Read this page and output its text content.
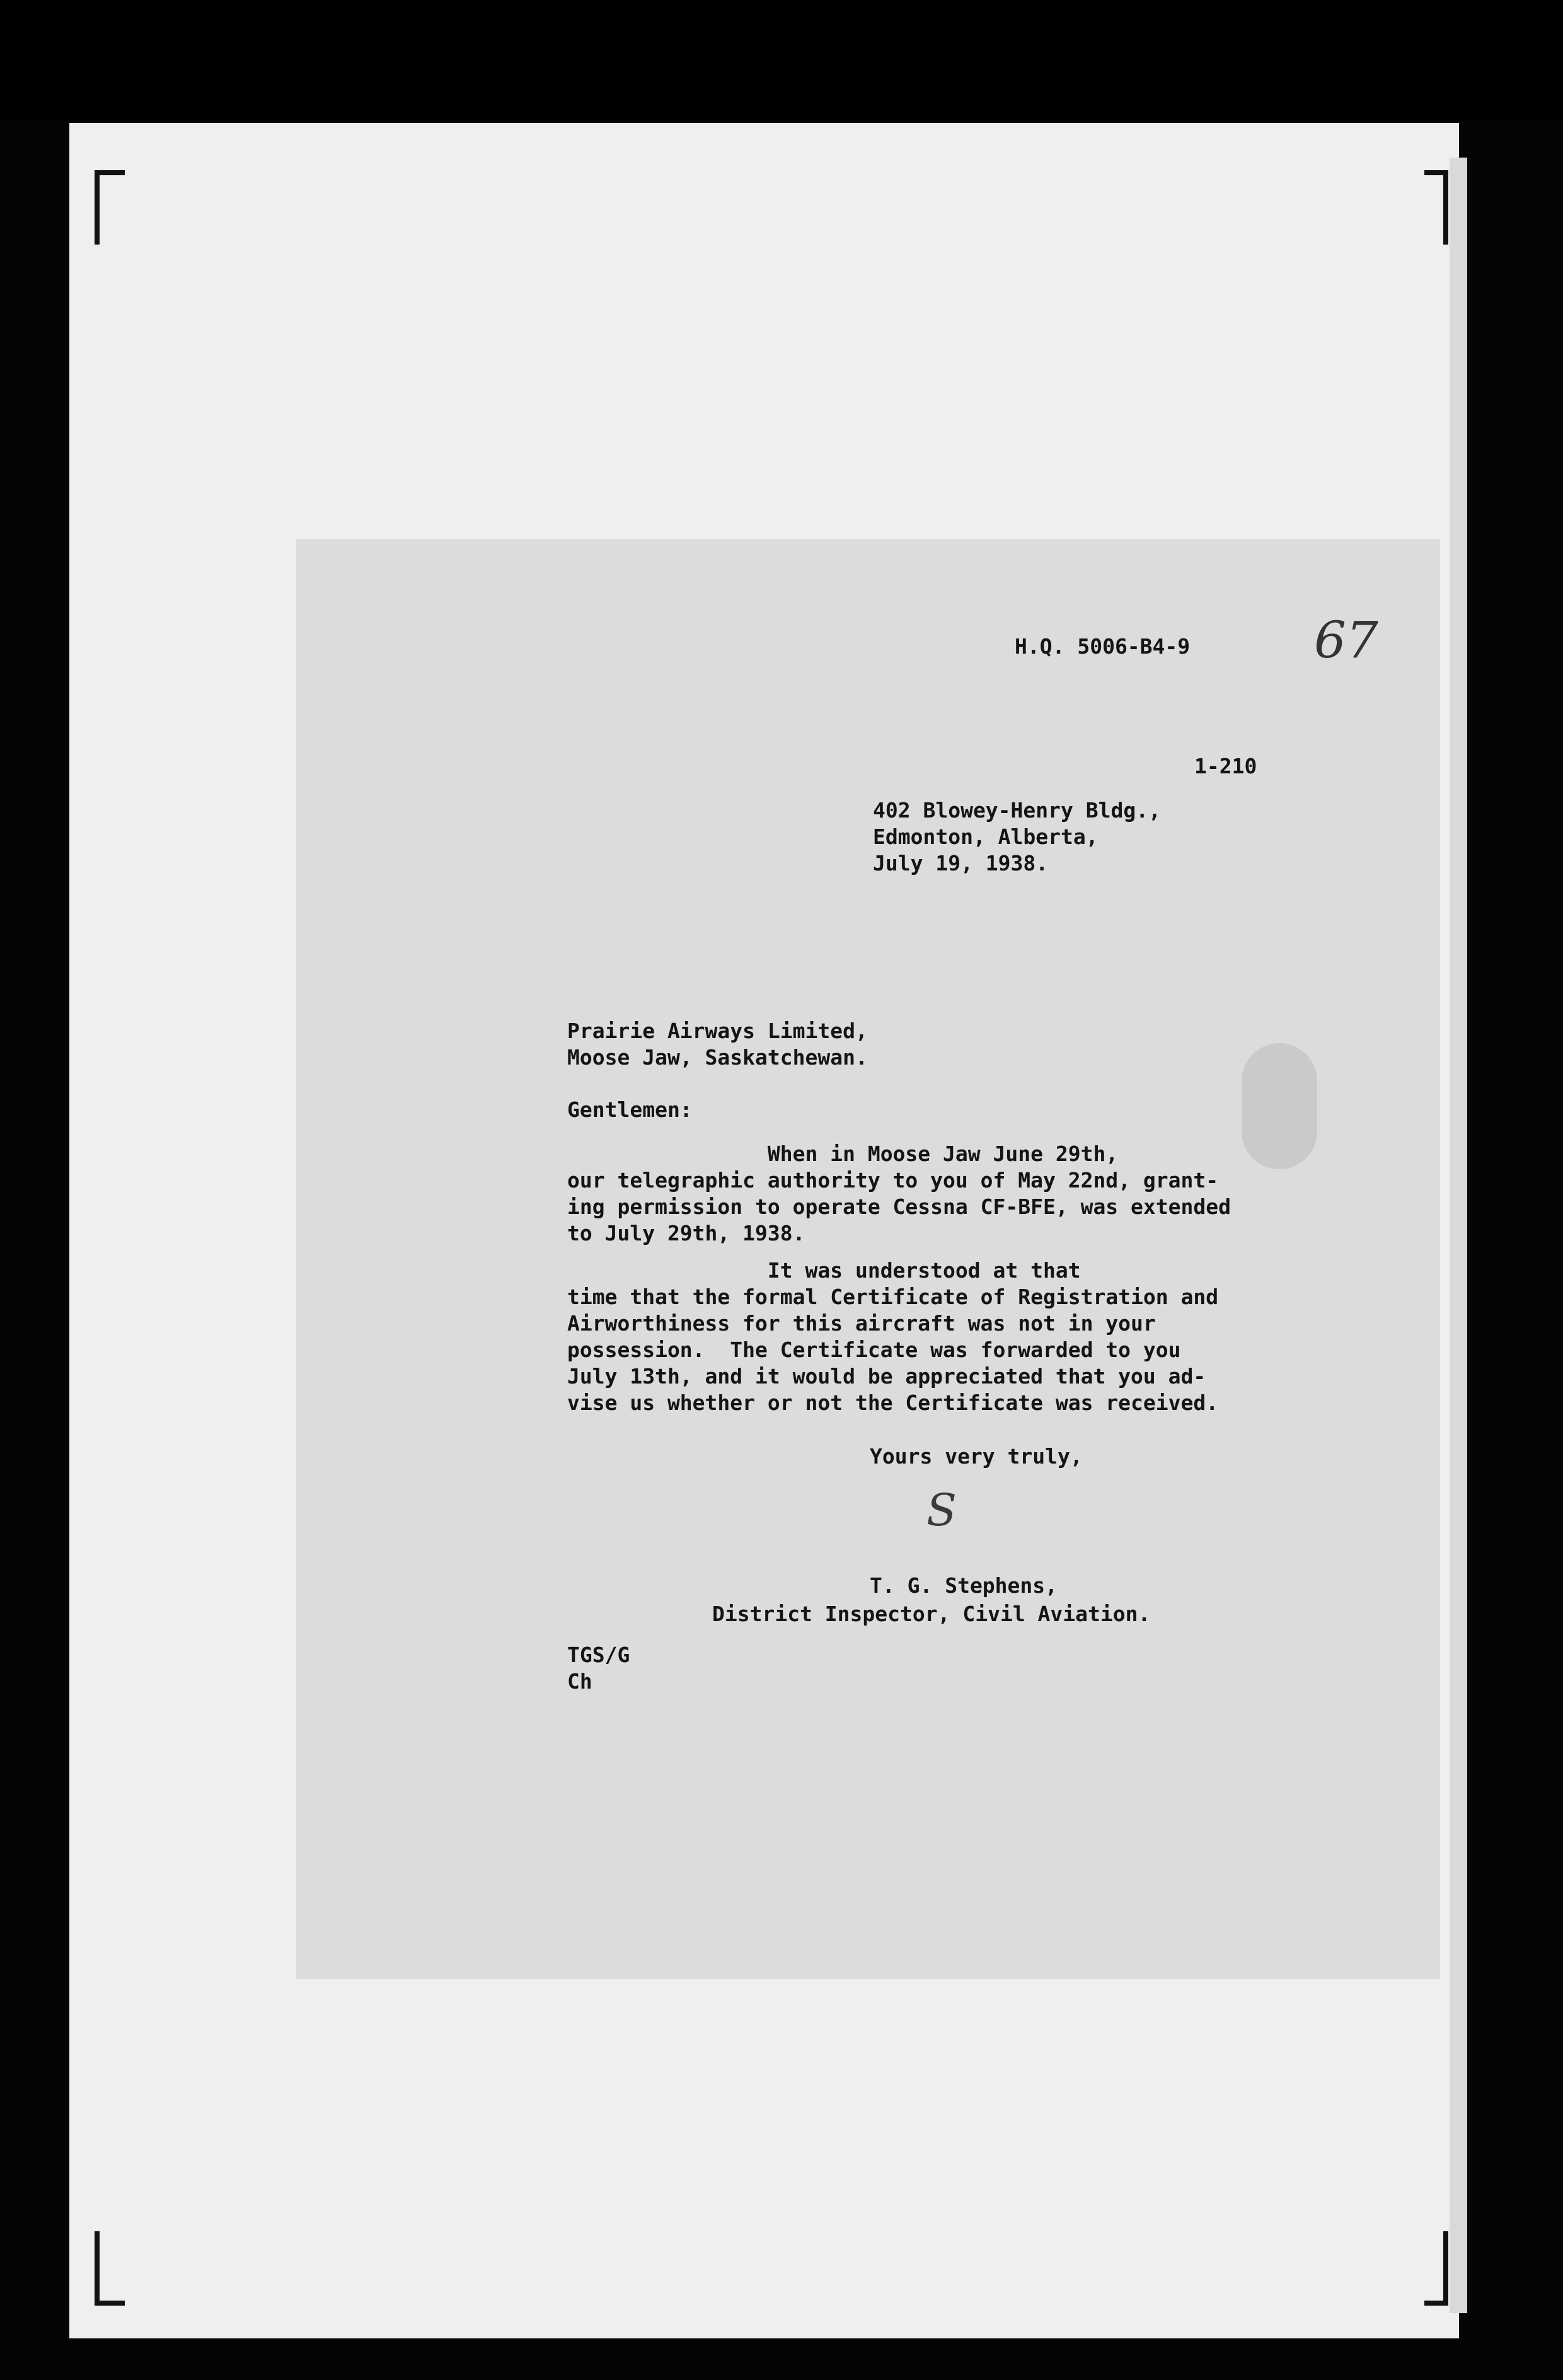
H.Q. 5006-B4-9 67
1-210
402 Blowey-Henry Bldg.,
Edmonton, Alberta,
July 19, 1938.
Prairie Airways Limited,
Moose Jaw, Saskatchewan.
Gentlemen:
When in Moose Jaw June 29th,
our telegraphic authority to you of May 22nd, grant-
ing permission to operate Cessna CF-BFE, was extended
to July 29th, 1938.
It was understood at that
time that the formal Certificate of Registration and
Airworthiness for this aircraft was not in your
possession.  The Certificate was forwarded to you
July 13th, and it would be appreciated that you ad-
vise us whether or not the Certificate was received.
Yours very truly,
S
T. G. Stephens,
District Inspector, Civil Aviation.
TGS/G
Ch
